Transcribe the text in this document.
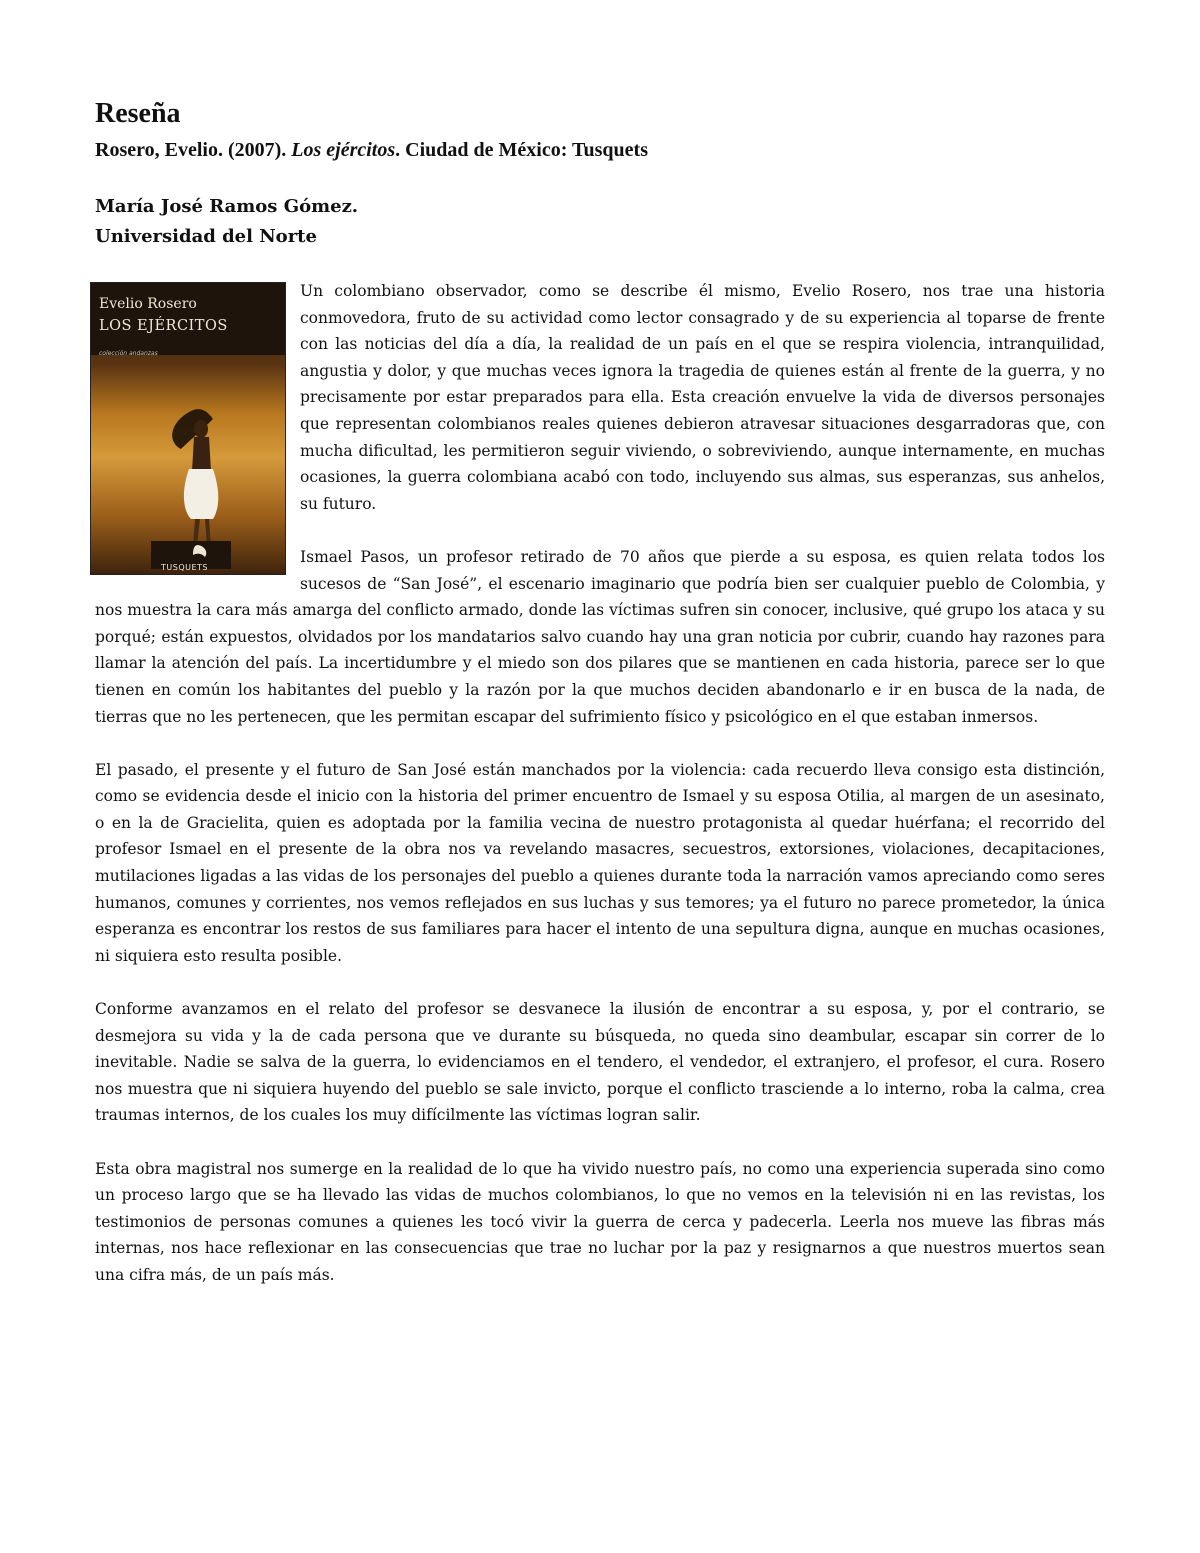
Reseña
Rosero, Evelio. (2007). Los ejércitos. Ciudad de México: Tusquets
María José Ramos Gómez.
Universidad del Norte
Evelio Rosero
LOS EJÉRCITOS
colección andanzas
TUSQUETS

Un colombiano observador, como se describe él mismo, Evelio Rosero, nos trae una historia conmovedora, fruto de su actividad como lector consagrado y de su experiencia al toparse de frente con las noticias del día a día, la realidad de un país en el que se respira violencia, intranquilidad, angustia y dolor, y que muchas veces ignora la tragedia de quienes están al frente de la guerra, y no precisamente por estar preparados para ella. Esta creación envuelve la vida de diversos personajes que representan colombianos reales quienes debieron atravesar situaciones desgarradoras que, con mucha dificultad, les permitieron seguir viviendo, o sobreviviendo, aunque internamente, en muchas ocasiones, la guerra colombiana acabó con todo, incluyendo sus almas, sus esperanzas, sus anhelos, su futuro.

Ismael Pasos, un profesor retirado de 70 años que pierde a su esposa, es quien relata todos los sucesos de “San José”, el escenario imaginario que podría bien ser cualquier pueblo de Colombia, y nos muestra la cara más amarga del conflicto armado, donde las víctimas sufren sin conocer, inclusive, qué grupo los ataca y su porqué; están expuestos, olvidados por los mandatarios salvo cuando hay una gran noticia por cubrir, cuando hay razones para llamar la atención del país. La incertidumbre y el miedo son dos pilares que se mantienen en cada historia, parece ser lo que tienen en común los habitantes del pueblo y la razón por la que muchos deciden abandonarlo e ir en busca de la nada, de tierras que no les pertenecen, que les permitan escapar del sufrimiento físico y psicológico en el que estaban inmersos.

El pasado, el presente y el futuro de San José están manchados por la violencia: cada recuerdo lleva consigo esta distinción, como se evidencia desde el inicio con la historia del primer encuentro de Ismael y su esposa Otilia, al margen de un asesinato, o en la de Gracielita, quien es adoptada por la familia vecina de nuestro protagonista al quedar huérfana; el recorrido del profesor Ismael en el presente de la obra nos va revelando masacres, secuestros, extorsiones, violaciones, decapitaciones, mutilaciones ligadas a las vidas de los personajes del pueblo a quienes durante toda la narración vamos apreciando como seres humanos, comunes y corrientes, nos vemos reflejados en sus luchas y sus temores; ya el futuro no parece prometedor, la única esperanza es encontrar los restos de sus familiares para hacer el intento de una sepultura digna, aunque en muchas ocasiones, ni siquiera esto resulta posible.

Conforme avanzamos en el relato del profesor se desvanece la ilusión de encontrar a su esposa, y, por el contrario, se desmejora su vida y la de cada persona que ve durante su búsqueda, no queda sino deambular, escapar sin correr de lo inevitable. Nadie se salva de la guerra, lo evidenciamos en el tendero, el vendedor, el extranjero, el profesor, el cura. Rosero nos muestra que ni siquiera huyendo del pueblo se sale invicto, porque el conflicto trasciende a lo interno, roba la calma, crea traumas internos, de los cuales los muy difícilmente las víctimas logran salir.

Esta obra magistral nos sumerge en la realidad de lo que ha vivido nuestro país, no como una experiencia superada sino como un proceso largo que se ha llevado las vidas de muchos colombianos, lo que no vemos en la televisión ni en las revistas, los testimonios de personas comunes a quienes les tocó vivir la guerra de cerca y padecerla. Leerla nos mueve las fibras más internas, nos hace reflexionar en las consecuencias que trae no luchar por la paz y resignarnos a que nuestros muertos sean una cifra más, de un país más.
